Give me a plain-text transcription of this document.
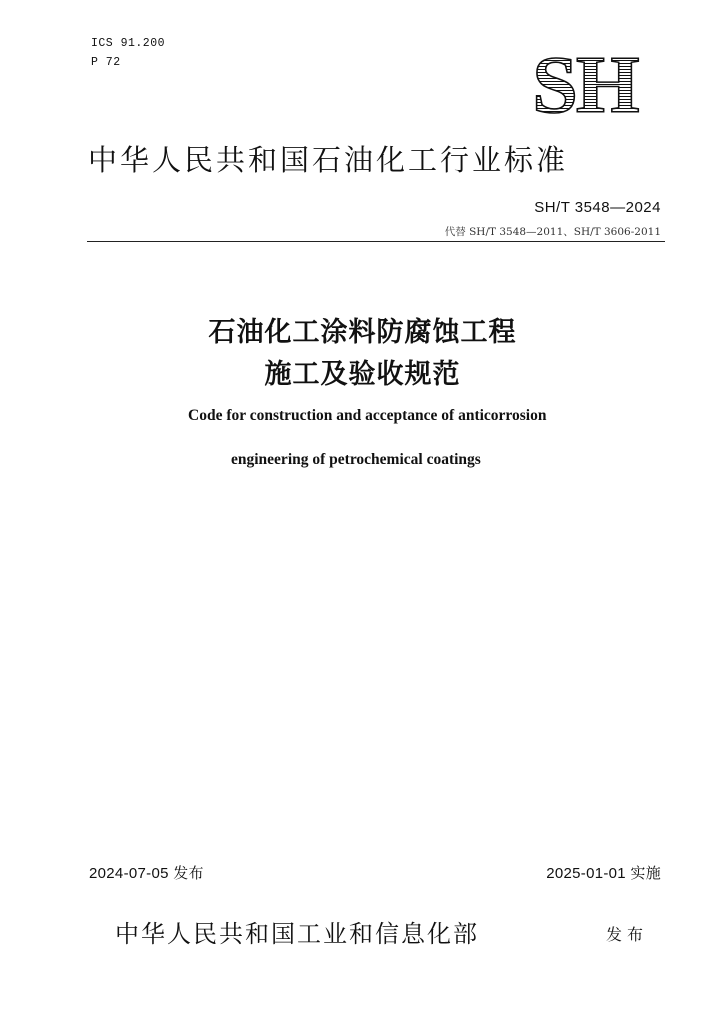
ICS 91.200
P 72	SH
中华人民共和国石油化工行业标准
SH/T 3548—2024
代替 SH/T 3548—2011、SH/T 3606-2011
石油化工涂料防腐蚀工程
施工及验收规范
Code for construction and acceptance of anticorrosion
engineering of petrochemical coatings
2024-07-05 发布	2025-01-01 实施
中华人民共和国工业和信息化部	发布
